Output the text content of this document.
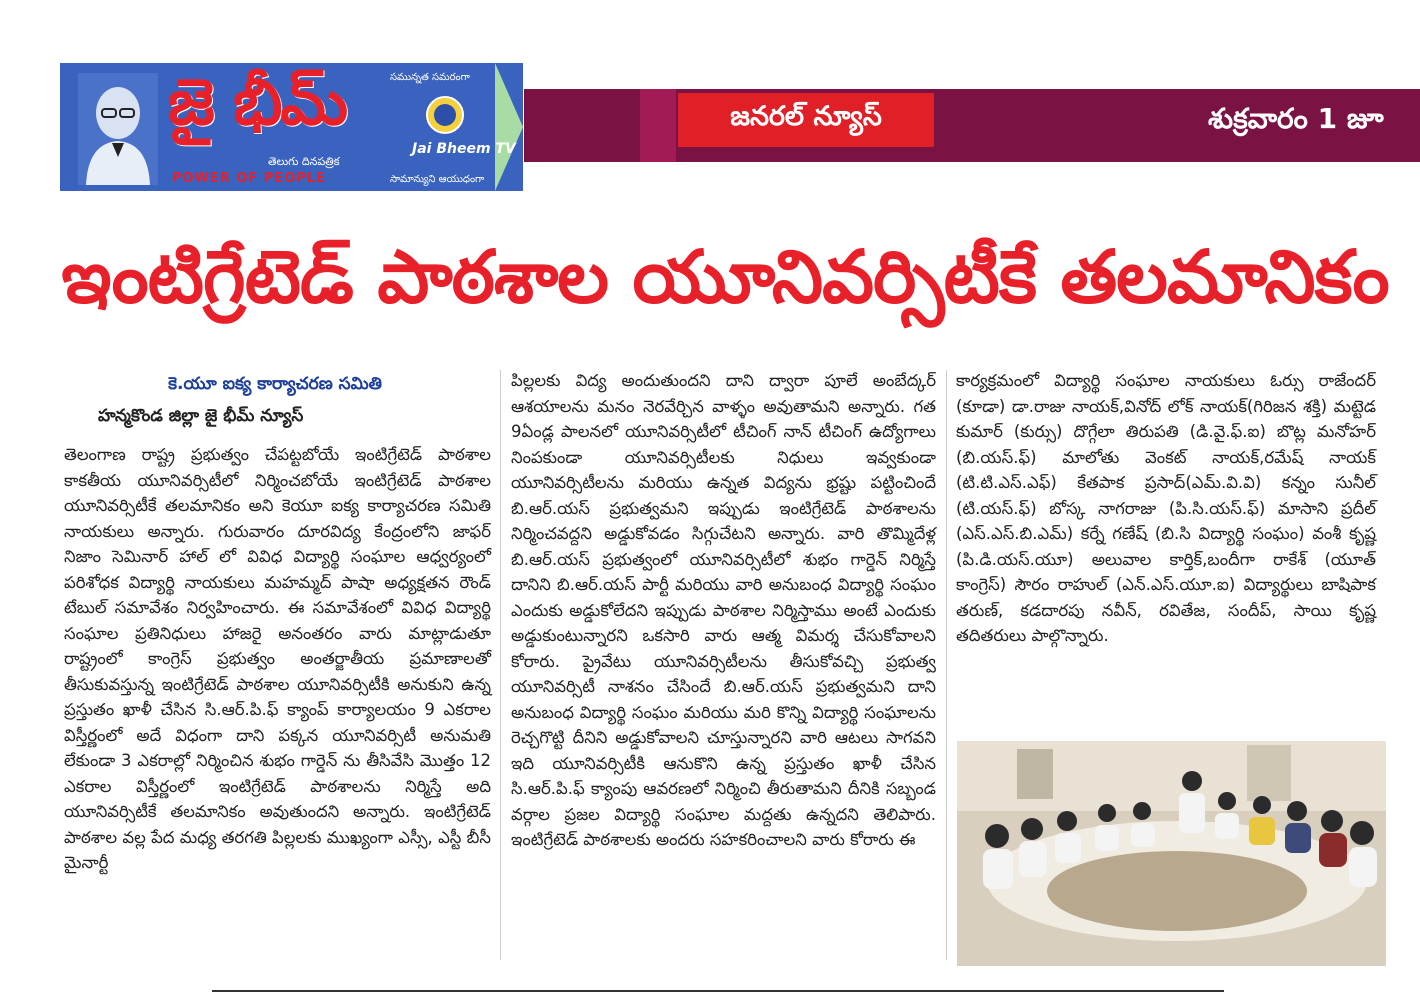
జై భీమ్
తెలుగు దినపత్రిక
POWER OF PEOPLE
సమున్నత సమరంగా
సామాన్యుని ఆయుధంగా
Jai Bheem TV
జనరల్ న్యూస్	శుక్రవారం 1 జూ
ఇంటిగ్రేటెడ్ పాఠశాల యూనివర్సిటీకే తలమానికం
కె.యూ ఐక్య కార్యాచరణ సమితి
హన్మకొండ జిల్లా జై భీమ్ న్యూస్
తెలంగాణ రాష్ట్ర ప్రభుత్వం చేపట్టబోయే ఇంటిగ్రేటెడ్ పాఠశాల కాకతీయ యూనివర్సిటీలో నిర్మించబోయే ఇంటిగ్రేటెడ్ పాఠశాల యూనివర్సిటీకే తలమానికం అని కెయూ ఐక్య కార్యాచరణ సమితి నాయకులు అన్నారు. గురువారం దూరవిద్య కేంద్రంలోని జాఫర్ నిజాం సెమినార్ హాల్ లో వివిధ విద్యార్థి సంఘాల ఆధ్వర్యంలో పరిశోధక విద్యార్థి నాయకులు మహమ్మద్ పాషా అధ్యక్షతన రౌండ్ టేబుల్ సమావేశం నిర్వహించారు. ఈ సమావేశంలో వివిధ విద్యార్థి సంఘాల ప్రతినిధులు హాజరై అనంతరం వారు మాట్లాడుతూ రాష్ట్రంలో కాంగ్రెస్ ప్రభుత్వం అంతర్జాతీయ ప్రమాణాలతో తీసుకువస్తున్న ఇంటిగ్రేటెడ్ పాఠశాల యూనివర్సిటీకి అనుకుని ఉన్న ప్రస్తుతం ఖాళీ చేసిన సి.ఆర్.పి.ఫ్ క్యాంప్ కార్యాలయం 9 ఎకరాల విస్తీర్ణంలో అదే విధంగా దాని పక్కన యూనివర్సిటీ అనుమతి లేకుండా 3 ఎకరాల్లో నిర్మించిన శుభం గార్డెన్ ను తీసివేసి మొత్తం 12 ఎకరాల విస్తీర్ణంలో ఇంటిగ్రేటెడ్ పాఠశాలను నిర్మిస్తే అది యూనివర్సిటీకే తలమానికం అవుతుందని అన్నారు. ఇంటిగ్రేటెడ్ పాఠశాల వల్ల పేద మధ్య తరగతి పిల్లలకు ముఖ్యంగా ఎస్సీ, ఎస్టీ బీసీ మైనార్టీ
పిల్లలకు విద్య అందుతుందని దాని ద్వారా పూలే అంబేద్కర్ ఆశయాలను మనం నెరవేర్చిన వాళ్ళం అవుతామని అన్నారు. గత 9ఏండ్ల పాలనలో యూనివర్సిటీలో టీచింగ్ నాన్ టీచింగ్ ఉద్యోగాలు నింపకుండా యూనివర్సిటీలకు నిధులు ఇవ్వకుండా యూనివర్సిటీలను మరియు ఉన్నత విద్యను భ్రష్టు పట్టించిందే బి.ఆర్.యస్ ప్రభుత్వమని ఇప్పుడు ఇంటిగ్రేటెడ్ పాఠశాలను నిర్మించవద్దని అడ్డుకోవడం సిగ్గుచేటని అన్నారు. వారి తొమ్మిదేళ్ల బి.ఆర్.యస్ ప్రభుత్వంలో యూనివర్సిటీలో శుభం గార్డెన్ నిర్మిస్తే దానిని బి.ఆర్.యస్ పార్టీ మరియు వారి అనుబంధ విద్యార్థి సంఘం ఎందుకు అడ్డుకోలేదని ఇప్పుడు పాఠశాల నిర్మిస్తాము అంటే ఎందుకు అడ్డుకుంటున్నారని ఒకసారి వారు ఆత్మ విమర్శ చేసుకోవాలని కోరారు. ప్రైవేటు యూనివర్సిటీలను తీసుకోవచ్చి ప్రభుత్వ యూనివర్సిటీ నాశనం చేసిందే బి.ఆర్.యస్ ప్రభుత్వమని దాని అనుబంధ విద్యార్థి సంఘం మరియు మరి కొన్ని విద్యార్థి సంఘాలను రెచ్చగొట్టి దీనిని అడ్డుకోవాలని చూస్తున్నారని వారి ఆటలు సాగవని ఇది యూనివర్సిటీకి ఆనుకొని ఉన్న ప్రస్తుతం ఖాళీ చేసిన సి.ఆర్.పి.ఫ్ క్యాంపు ఆవరణలో నిర్మించి తీరుతామని దీనికి సబ్బండ వర్గాల ప్రజల విద్యార్థి సంఘాల మద్దతు ఉన్నదని తెలిపారు. ఇంటిగ్రేటెడ్ పాఠశాలకు అందరు సహకరించాలని వారు కోరారు ఈ
కార్యక్రమంలో విద్యార్థి సంఘాల నాయకులు ఓర్సు రాజేందర్ (కూడా) డా.రాజు నాయక్,వినోద్ లోక్ నాయక్(గిరిజన శక్తి) మట్టెడ కుమార్ (కుర్సు) దొగ్గేలా తిరుపతి (డి.వై.ఫ్.ఐ) బొట్ల మనోహర్ (బి.యస్.ఫ్) మాలోతు వెంకట్ నాయక్,రమేష్ నాయక్ (టి.టి.ఎస్.ఎఫ్) కేతపాక ప్రసాద్(ఎమ్.వి.వి) కన్నం సునీల్ (టి.యస్.ఫ్) బోస్క నాగరాజు (పి.సి.యస్.ఫ్) మాసాని ప్రదీల్ (ఎస్.ఎస్.బి.ఎమ్) కర్నే గణేష్ (బి.సి విద్యార్థి సంఘం) వంశీ కృష్ణ (పి.డి.యస్.యూ) అలువాల కార్తిక్,బందీగా రాకేశ్ (యూత్ కాంగ్రెస్) సౌరం రాహుల్ (ఎన్.ఎస్.యూ.ఐ) విద్యార్థులు బాషిపాక తరుణ్, కడదారపు నవీన్, రవితేజ, సందీప్, సాయి కృష్ణ తదితరులు పాల్గొన్నారు.
